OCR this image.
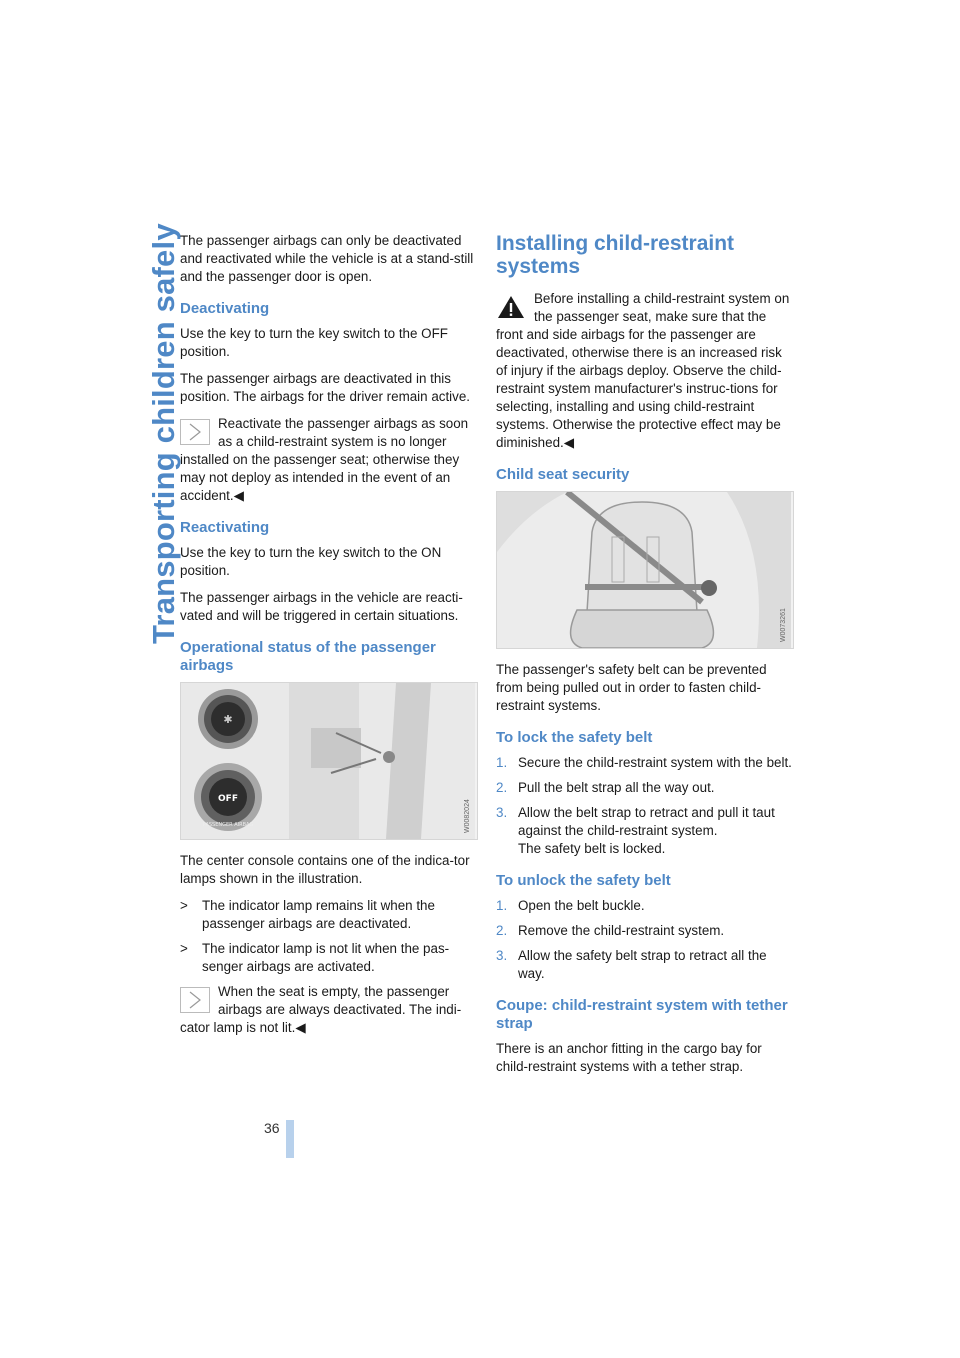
Transporting children safely The passenger airbags can only be deactivated and reactivated while the vehicle is at a stand-still and the passenger door is open.

Deactivating

Use the key to turn the key switch to the OFF position.

The passenger airbags are deactivated in this position. The airbags for the driver remain active.

Reactivate the passenger airbags as soon as a child-restraint system is no longer installed on the passenger seat; otherwise they may not deploy as intended in the event of an accident.◀
Reactivating

Use the key to turn the key switch to the ON position.

The passenger airbags in the vehicle are reacti-vated and will be triggered in certain situations.

Operational status of the passenger airbags
✱
OFF
PASSENGER AIRBAG	W0082024

The center console contains one of the indica-tor lamps shown in the illustration.

> The indicator lamp remains lit when the passenger airbags are deactivated.
> The indicator lamp is not lit when the pas-senger airbags are activated.
When the seat is empty, the passenger airbags are always deactivated. The indi-cator lamp is not lit.◀
Installing child-restraint systems
Before installing a child-restraint system on the passenger seat, make sure that the front and side airbags for the passenger are deactivated, otherwise there is an increased risk of injury if the airbags deploy. Observe the child-restraint system manufacturer's instruc-tions for selecting, installing and using child-restraint systems. Otherwise the protective effect may be diminished.◀
Child seat security
W0073261

The passenger's safety belt can be prevented from being pulled out in order to fasten child-restraint systems.

To lock the safety belt
1. Secure the child-restraint system with the belt.
2. Pull the belt strap all the way out.
3. Allow the belt strap to retract and pull it taut against the child-restraint system.
The safety belt is locked.
To unlock the safety belt
1. Open the belt buckle.
2. Remove the child-restraint system.
3. Allow the safety belt strap to retract all the way.
Coupe: child-restraint system with tether strap

There is an anchor fitting in the cargo bay for child-restraint systems with a tether strap.

36
